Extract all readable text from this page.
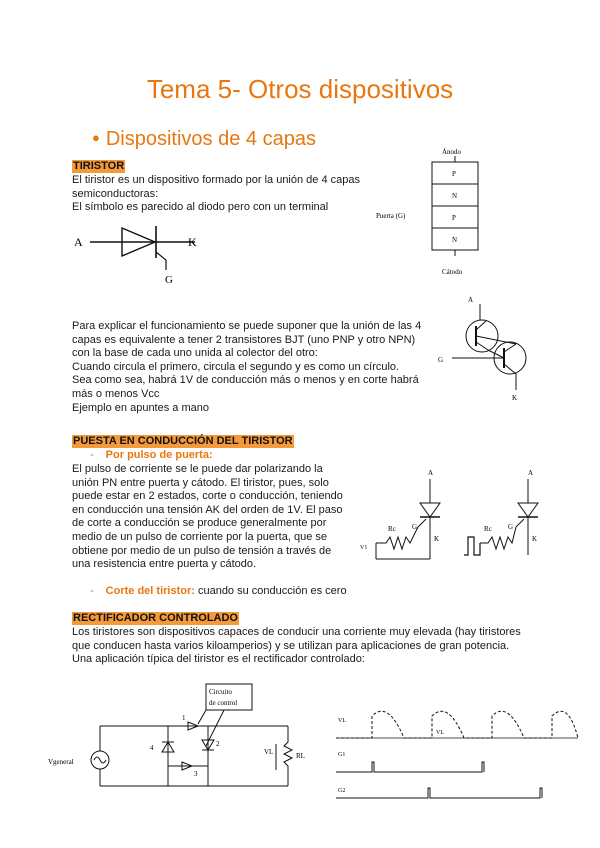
Tema 5- Otros dispositivos
● Dispositivos de 4 capas
TIRISTOR
El tiristor es un dispositivo formado por la unión de 4 capas
semiconductoras:
El símbolo es parecido al diodo pero con un terminal
A	K
G
Ánodo
P
N
P
N
Puerta (G)
Cátodo
Para explicar el funcionamiento se puede suponer que la unión de las 4
capas es equivalente a tener 2 transistores BJT (uno PNP y otro NPN)
con la base de cada uno unida al colector del otro:
Cuando circula el primero, circula el segundo y es como un círculo.
Sea como sea, habrá 1V de conducción más o menos y en corte habrá
más o menos Vcc
Ejemplo en apuntes a mano
A
G
K
PUESTA EN CONDUCCIÓN DEL TIRISTOR
- Por pulso de puerta:
El pulso de corriente se le puede dar polarizando la
unión PN entre puerta y cátodo. El tiristor, pues, solo
puede estar en 2 estados, corte o conducción, teniendo
en conducción una tensión AK del orden de 1V. El paso
de corte a conducción se produce generalmente por
medio de un pulso de corriente por la puerta, que se
obtiene por medio de un pulso de tensión a través de
una resistencia entre puerta y cátodo.
- Corte del tiristor: cuando su conducción es cero
A
Rc G
K
V1
A
Rc G
K
RECTIFICADOR CONTROLADO
Los tiristores son dispositivos capaces de conducir una corriente muy elevada (hay tiristores
que conducen hasta varios kiloamperios) y se utilizan para aplicaciones de gran potencia.
Una aplicación típica del tiristor es el rectificador controlado:
Circuito
de control
Vgeneral
4
1
2
3
RL
VL
VL
VL
G1
G2
